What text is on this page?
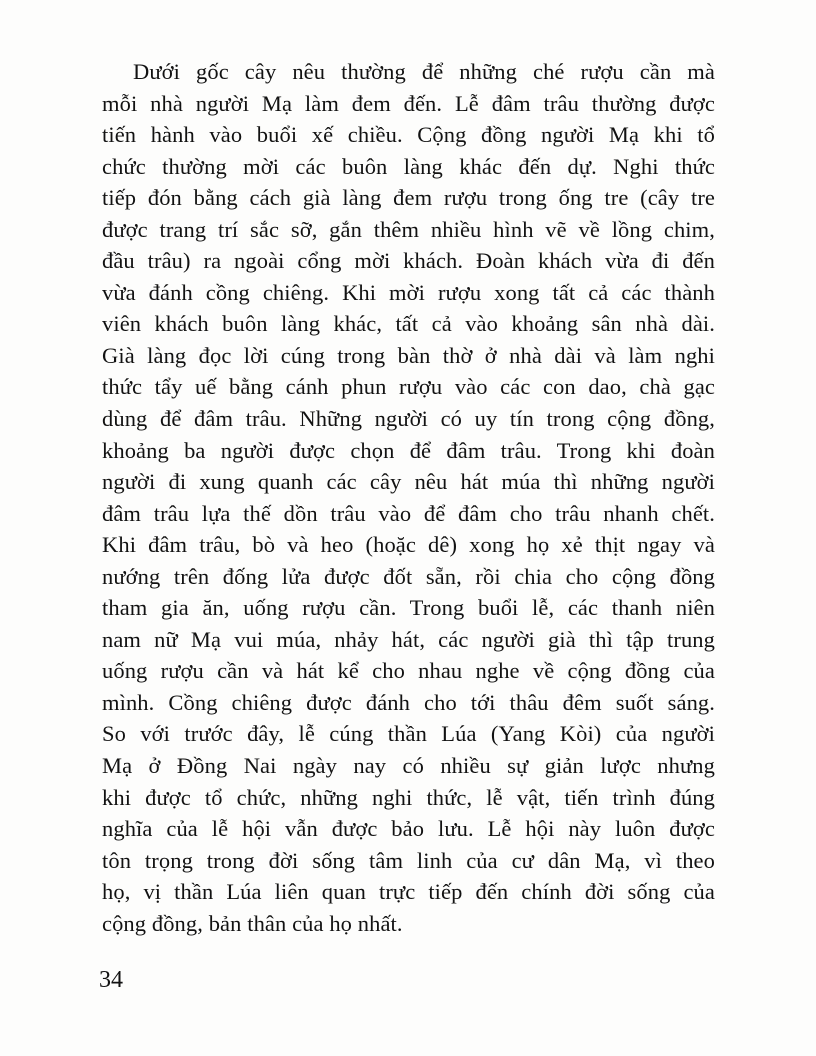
Dưới gốc cây nêu thường để những ché rượu cần mà
mỗi nhà người Mạ làm đem đến. Lễ đâm trâu thường được
tiến hành vào buổi xế chiều. Cộng đồng người Mạ khi tổ
chức thường mời các buôn làng khác đến dự. Nghi thức
tiếp đón bằng cách già làng đem rượu trong ống tre (cây tre
được trang trí sắc sỡ, gắn thêm nhiều hình vẽ về lồng chim,
đầu trâu) ra ngoài cổng mời khách. Đoàn khách vừa đi đến
vừa đánh cồng chiêng. Khi mời rượu xong tất cả các thành
viên khách buôn làng khác, tất cả vào khoảng sân nhà dài.
Già làng đọc lời cúng trong bàn thờ ở nhà dài và làm nghi
thức tẩy uế bằng cánh phun rượu vào các con dao, chà gạc
dùng để đâm trâu. Những người có uy tín trong cộng đồng,
khoảng ba người được chọn để đâm trâu. Trong khi đoàn
người đi xung quanh các cây nêu hát múa thì những người
đâm trâu lựa thế dồn trâu vào để đâm cho trâu nhanh chết.
Khi đâm trâu, bò và heo (hoặc dê) xong họ xẻ thịt ngay và
nướng trên đống lửa được đốt sẵn, rồi chia cho cộng đồng
tham gia ăn, uống rượu cần. Trong buổi lễ, các thanh niên
nam nữ Mạ vui múa, nhảy hát, các người già thì tập trung
uống rượu cần và hát kể cho nhau nghe về cộng đồng của
mình. Cồng chiêng được đánh cho tới thâu đêm suốt sáng.
So với trước đây, lễ cúng thần Lúa (Yang Kòi) của người
Mạ ở Đồng Nai ngày nay có nhiều sự giản lược nhưng
khi được tổ chức, những nghi thức, lễ vật, tiến trình đúng
nghĩa của lễ hội vẫn được bảo lưu. Lễ hội này luôn được
tôn trọng trong đời sống tâm linh của cư dân Mạ, vì theo
họ, vị thần Lúa liên quan trực tiếp đến chính đời sống của
cộng đồng, bản thân của họ nhất.
34
